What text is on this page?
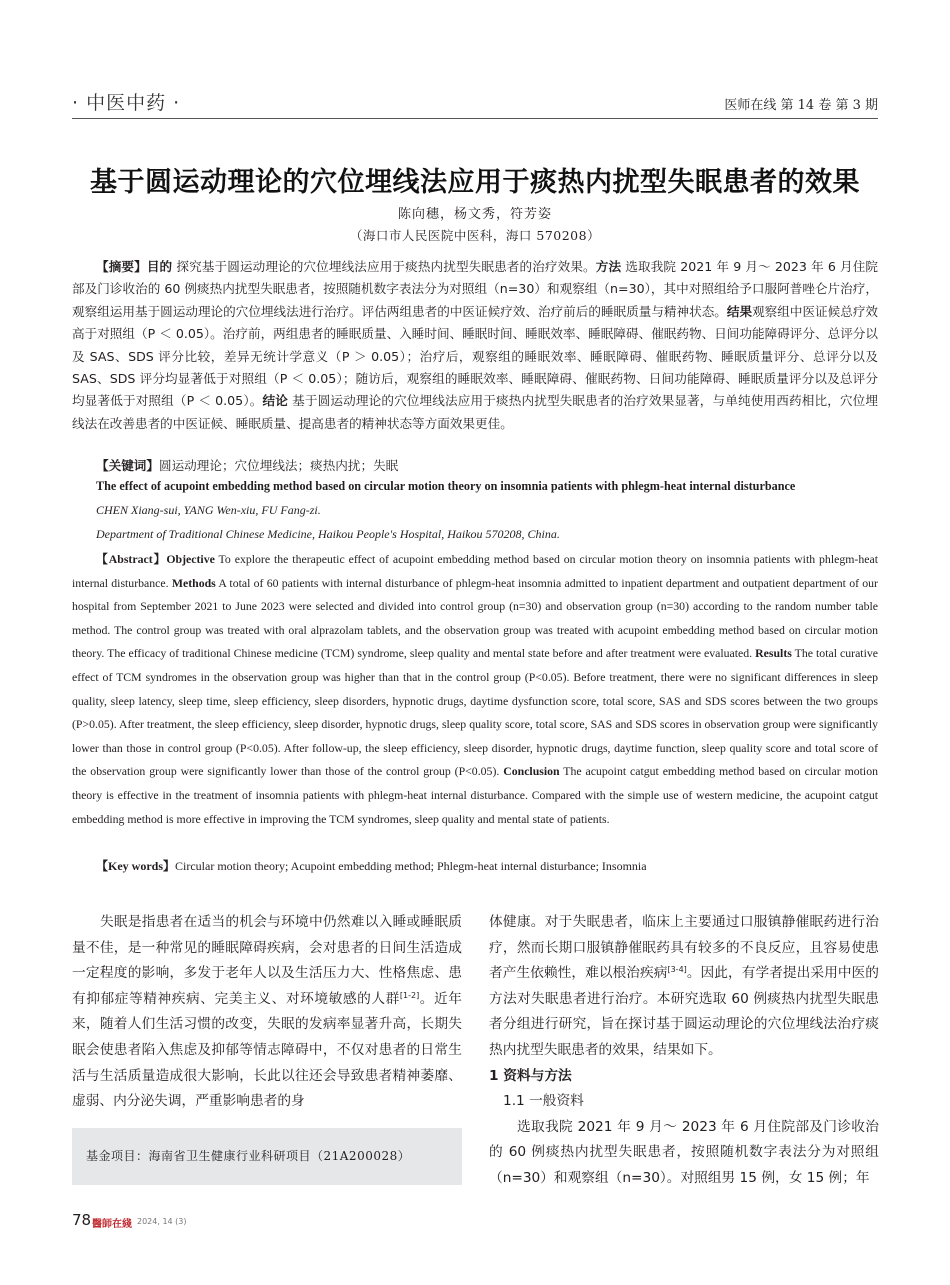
· 中医中药 ·	医师在线 第 14 卷 第 3 期
基于圆运动理论的穴位埋线法应用于痰热内扰型失眠患者的效果
陈向穗，杨文秀，符芳姿
（海口市人民医院中医科，海口 570208）
【摘要】目的 探究基于圆运动理论的穴位埋线法应用于痰热内扰型失眠患者的治疗效果。方法 选取我院 2021 年 9 月～ 2023 年 6 月住院部及门诊收治的 60 例痰热内扰型失眠患者，按照随机数字表法分为对照组（n=30）和观察组（n=30），其中对照组给予口服阿普唑仑片治疗，观察组运用基于圆运动理论的穴位埋线法进行治疗。评估两组患者的中医证候疗效、治疗前后的睡眠质量与精神状态。结果观察组中医证候总疗效高于对照组（P ＜ 0.05）。治疗前，两组患者的睡眠质量、入睡时间、睡眠时间、睡眠效率、睡眠障碍、催眠药物、日间功能障碍评分、总评分以及 SAS、SDS 评分比较，差异无统计学意义（P ＞ 0.05）；治疗后，观察组的睡眠效率、睡眠障碍、催眠药物、睡眠质量评分、总评分以及 SAS、SDS 评分均显著低于对照组（P ＜ 0.05）；随访后，观察组的睡眠效率、睡眠障碍、催眠药物、日间功能障碍、睡眠质量评分以及总评分均显著低于对照组（P ＜ 0.05）。结论 基于圆运动理论的穴位埋线法应用于痰热内扰型失眠患者的治疗效果显著，与单纯使用西药相比，穴位埋线法在改善患者的中医证候、睡眠质量、提高患者的精神状态等方面效果更佳。
【关键词】圆运动理论；穴位埋线法；痰热内扰；失眠
The effect of acupoint embedding method based on circular motion theory on insomnia patients with phlegm-heat internal disturbance
CHEN Xiang-sui, YANG Wen-xiu, FU Fang-zi.
Department of Traditional Chinese Medicine, Haikou People's Hospital, Haikou 570208, China.
【Abstract】Objective To explore the therapeutic effect of acupoint embedding method based on circular motion theory on insomnia patients with phlegm-heat internal disturbance. Methods A total of 60 patients with internal disturbance of phlegm-heat insomnia admitted to inpatient department and outpatient department of our hospital from September 2021 to June 2023 were selected and divided into control group (n=30) and observation group (n=30) according to the random number table method. The control group was treated with oral alprazolam tablets, and the observation group was treated with acupoint embedding method based on circular motion theory. The efficacy of traditional Chinese medicine (TCM) syndrome, sleep quality and mental state before and after treatment were evaluated. Results The total curative effect of TCM syndromes in the observation group was higher than that in the control group (P<0.05). Before treatment, there were no significant differences in sleep quality, sleep latency, sleep time, sleep efficiency, sleep disorders, hypnotic drugs, daytime dysfunction score, total score, SAS and SDS scores between the two groups (P>0.05). After treatment, the sleep efficiency, sleep disorder, hypnotic drugs, sleep quality score, total score, SAS and SDS scores in observation group were significantly lower than those in control group (P<0.05). After follow-up, the sleep efficiency, sleep disorder, hypnotic drugs, daytime function, sleep quality score and total score of the observation group were significantly lower than those of the control group (P<0.05). Conclusion The acupoint catgut embedding method based on circular motion theory is effective in the treatment of insomnia patients with phlegm-heat internal disturbance. Compared with the simple use of western medicine, the acupoint catgut embedding method is more effective in improving the TCM syndromes, sleep quality and mental state of patients.
【Key words】Circular motion theory; Acupoint embedding method; Phlegm-heat internal disturbance; Insomnia

失眠是指患者在适当的机会与环境中仍然难以入睡或睡眠质量不佳，是一种常见的睡眠障碍疾病，会对患者的日间生活造成一定程度的影响，多发于老年人以及生活压力大、性格焦虑、患有抑郁症等精神疾病、完美主义、对环境敏感的人群[1-2]。近年来，随着人们生活习惯的改变，失眠的发病率显著升高，长期失眠会使患者陷入焦虑及抑郁等情志障碍中，不仅对患者的日常生活与生活质量造成很大影响，长此以往还会导致患者精神萎靡、虚弱、内分泌失调，严重影响患者的身

基金项目：海南省卫生健康行业科研项目（21A200028）

体健康。对于失眠患者，临床上主要通过口服镇静催眠药进行治疗，然而长期口服镇静催眠药具有较多的不良反应，且容易使患者产生依赖性，难以根治疾病[3-4]。因此，有学者提出采用中医的方法对失眠患者进行治疗。本研究选取 60 例痰热内扰型失眠患者分组进行研究，旨在探讨基于圆运动理论的穴位埋线法治疗痰热内扰型失眠患者的效果，结果如下。

1 资料与方法

1.1 一般资料

选取我院 2021 年 9 月～ 2023 年 6 月住院部及门诊收治的 60 例痰热内扰型失眠患者，按照随机数字表法分为对照组（n=30）和观察组（n=30）。对照组男 15 例，女 15 例；年

78 醫師在綫 2024, 14 (3)
